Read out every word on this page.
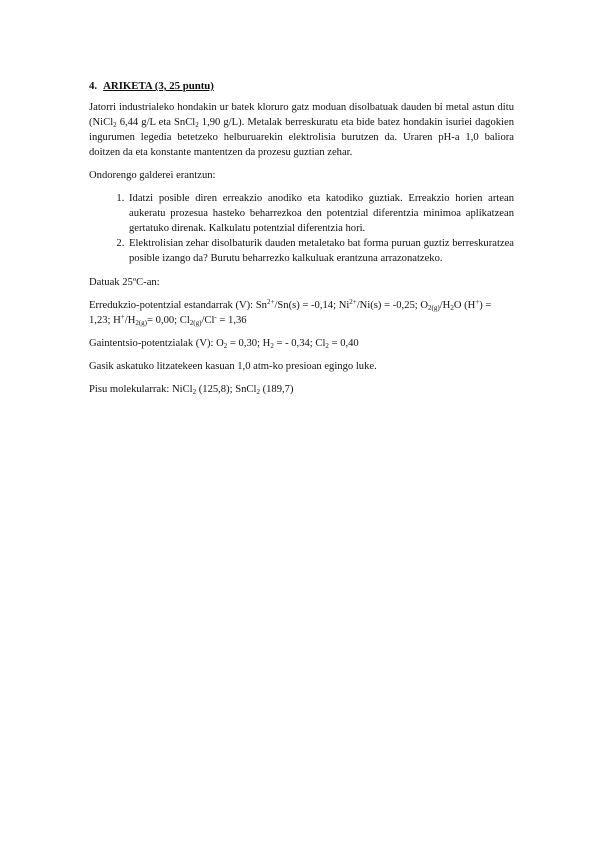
4. ARIKETA (3, 25 puntu)

Jatorri industrialeko hondakin ur batek kloruro gatz moduan disolbatuak dauden bi metal astun ditu (NiCl$_2$ 6,44 g/L eta SnCl$_2$ 1,90 g/L). Metalak berreskuratu eta bide batez hondakin isuriei dagokien ingurumen legedia betetzeko helburuarekin elektrolisia burutzen da. Uraren pH-a 1,0 baliora doitzen da eta konstante mantentzen da prozesu guztian zehar.

Ondorengo galderei erantzun:

1. Idatzi posible diren erreakzio anodiko eta katodiko guztiak. Erreakzio horien artean aukeratu prozesua hasteko beharrezkoa den potentzial diferentzia minimoa aplikatzean gertatuko direnak. Kalkulatu potentzial diferentzia hori.
2. Elektrolisian zehar disolbaturik dauden metaletako bat forma puruan guztiz berreskuratzea posible izango da? Burutu beharrezko kalkuluak erantzuna arrazonatzeko.

Datuak 25ºC-an:

Erredukzio-potentzial estandarrak (V): $Sn^{2+}/Sn(s) = -0,14$; $Ni^{2+}/Ni(s) = -0,25$; $O_{2(g)}/H_2O$ (H+) = 1,23; $H^+/H_{2(g)}= 0,00$; $Cl_{2(g)}/Cl^- = 1,36$

Gaintentsio-potentzialak (V): $O_2 = 0,30$; $H_2$ = - 0,34; $Cl_2 = 0,40$

Gasik askatuko litzatekeen kasuan 1,0 atm-ko presioan egingo luke.

Pisu molekularrak: NiCl$_2$ (125,8); SnCl$_2$ (189,7)
